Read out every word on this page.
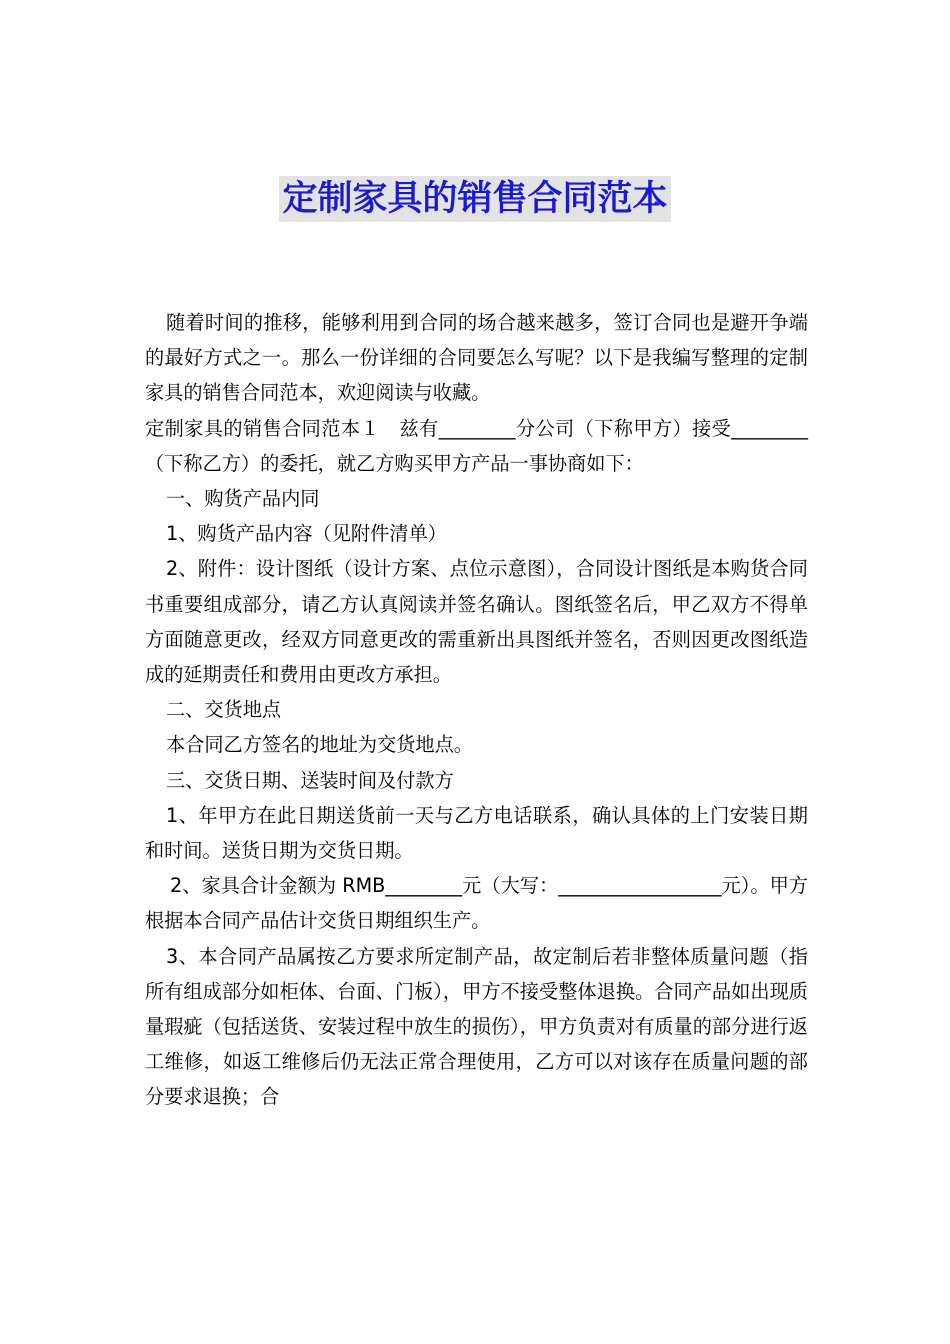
定制家具的销售合同范本

随着时间的推移，能够利用到合同的场合越来越多，签订合同也是避开争端的最好方式之一。那么一份详细的合同要怎么写呢？以下是我编写整理的定制家具的销售合同范本，欢迎阅读与收藏。

定制家具的销售合同范本１　兹有________分公司（下称甲方）接受________（下称乙方）的委托，就乙方购买甲方产品一事协商如下：

一、购货产品内同

1、购货产品内容（见附件清单）

2、附件：设计图纸（设计方案、点位示意图），合同设计图纸是本购货合同书重要组成部分，请乙方认真阅读并签名确认。图纸签名后，甲乙双方不得单方面随意更改，经双方同意更改的需重新出具图纸并签名，否则因更改图纸造成的延期责任和费用由更改方承担。

二、交货地点

本合同乙方签名的地址为交货地点。

三、交货日期、送装时间及付款方

1、年甲方在此日期送货前一天与乙方电话联系，确认具体的上门安装日期和时间。送货日期为交货日期。

2、家具合计金额为 RMB________元（大写：_________________元）。甲方根据本合同产品估计交货日期组织生产。

3、本合同产品属按乙方要求所定制产品，故定制后若非整体质量问题（指所有组成部分如柜体、台面、门板），甲方不接受整体退换。合同产品如出现质量瑕疵（包括送货、安装过程中放生的损伤），甲方负责对有质量的部分进行返工维修，如返工维修后仍无法正常合理使用，乙方可以对该存在质量问题的部分要求退换；合
